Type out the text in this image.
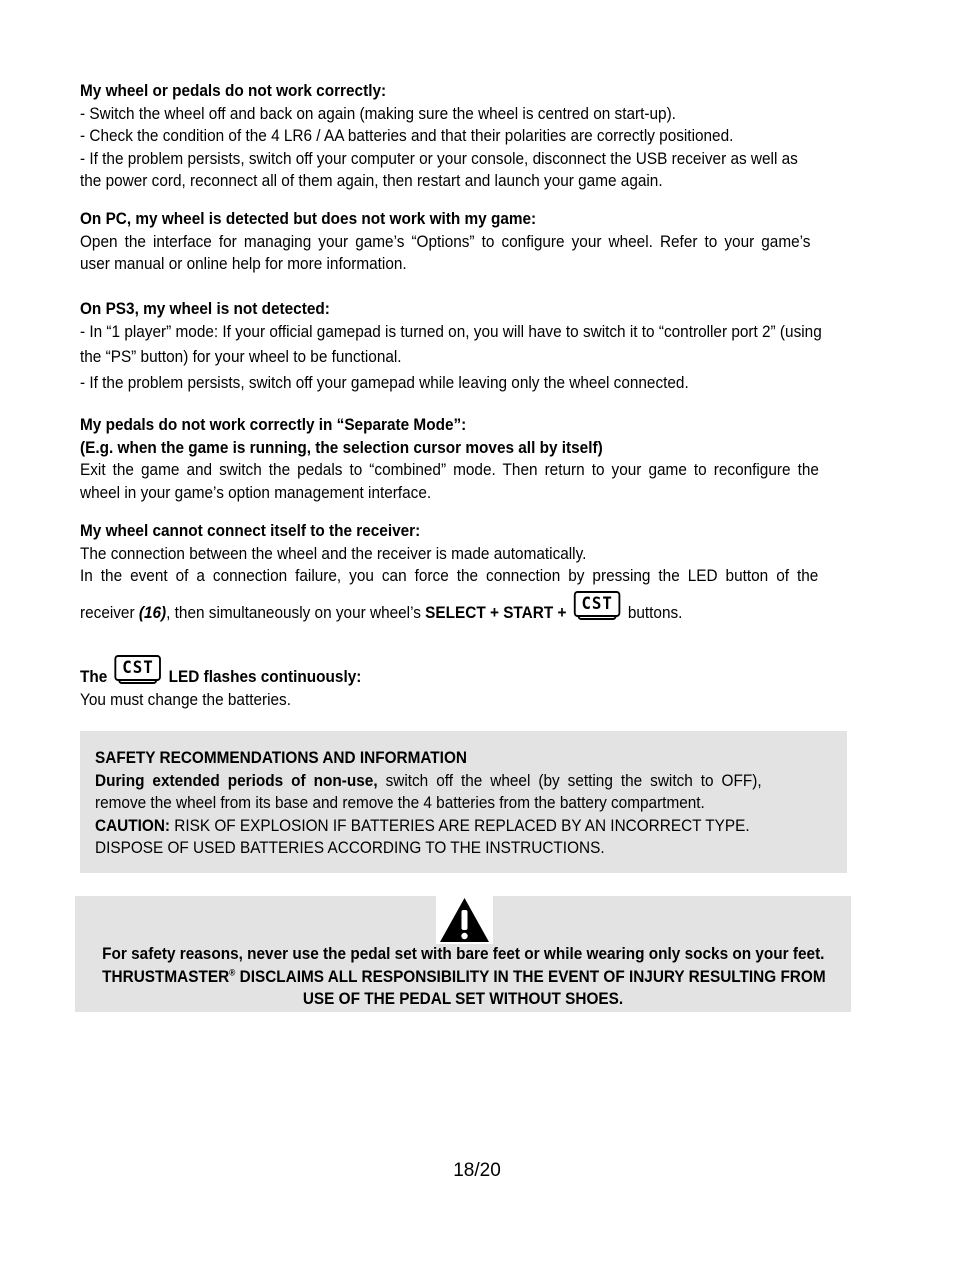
My wheel or pedals do not work correctly:

- Switch the wheel off and back on again (making sure the wheel is centred on start-up).

- Check the condition of the 4 LR6 / AA batteries and that their polarities are correctly positioned.

- If the problem persists, switch off your computer or your console, disconnect the USB receiver as well as

the power cord, reconnect all of them again, then restart and launch your game again.

On PC, my wheel is detected but does not work with my game:

Open the interface for managing your game’s “Options” to configure your wheel. Refer to your game’s

user manual or online help for more information.

On PS3, my wheel is not detected:

- In “1 player” mode: If your official gamepad is turned on, you will have to switch it to “controller port 2” (using

the “PS” button) for your wheel to be functional.

- If the problem persists, switch off your gamepad while leaving only the wheel connected.

My pedals do not work correctly in “Separate Mode”:

(E.g. when the game is running, the selection cursor moves all by itself)

Exit the game and switch the pedals to “combined” mode. Then return to your game to reconfigure the

wheel in your game’s option management interface.

My wheel cannot connect itself to the receiver:

The connection between the wheel and the receiver is made automatically.

In the event of a connection failure, you can force the connection by pressing the LED button of the

receiver (16), then simultaneously on your wheel’s SELECT + START + CST buttons.

The CST LED flashes continuously:

You must change the batteries.

SAFETY RECOMMENDATIONS AND INFORMATION

During extended periods of non-use, switch off the wheel (by setting the switch to OFF),

remove the wheel from its base and remove the 4 batteries from the battery compartment.

CAUTION: RISK OF EXPLOSION IF BATTERIES ARE REPLACED BY AN INCORRECT TYPE.

DISPOSE OF USED BATTERIES ACCORDING TO THE INSTRUCTIONS.

For safety reasons, never use the pedal set with bare feet or while wearing only socks on your feet.

THRUSTMASTER® DISCLAIMS ALL RESPONSIBILITY IN THE EVENT OF INJURY RESULTING FROM

USE OF THE PEDAL SET WITHOUT SHOES.

18/20
